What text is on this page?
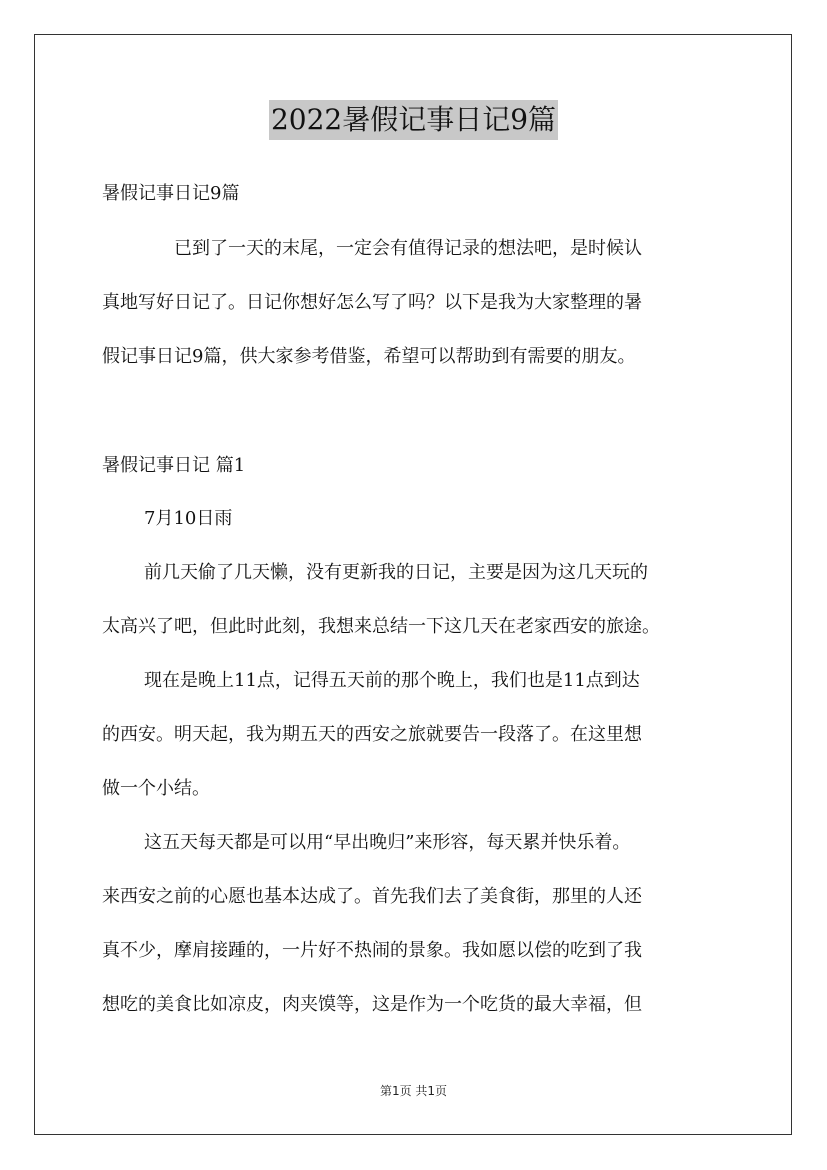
2022暑假记事日记9篇
暑假记事日记9篇
已到了一天的末尾，一定会有值得记录的想法吧，是时候认
真地写好日记了。日记你想好怎么写了吗？以下是我为大家整理的暑
假记事日记9篇，供大家参考借鉴，希望可以帮助到有需要的朋友。
暑假记事日记 篇1
7月10日雨
前几天偷了几天懒，没有更新我的日记，主要是因为这几天玩的
太高兴了吧，但此时此刻，我想来总结一下这几天在老家西安的旅途。
现在是晚上11点，记得五天前的那个晚上，我们也是11点到达
的西安。明天起，我为期五天的西安之旅就要告一段落了。在这里想
做一个小结。
这五天每天都是可以用“早出晚归”来形容，每天累并快乐着。
来西安之前的心愿也基本达成了。首先我们去了美食街，那里的人还
真不少，摩肩接踵的，一片好不热闹的景象。我如愿以偿的吃到了我
想吃的美食比如凉皮，肉夹馍等，这是作为一个吃货的最大幸福，但
第1页 共1页
